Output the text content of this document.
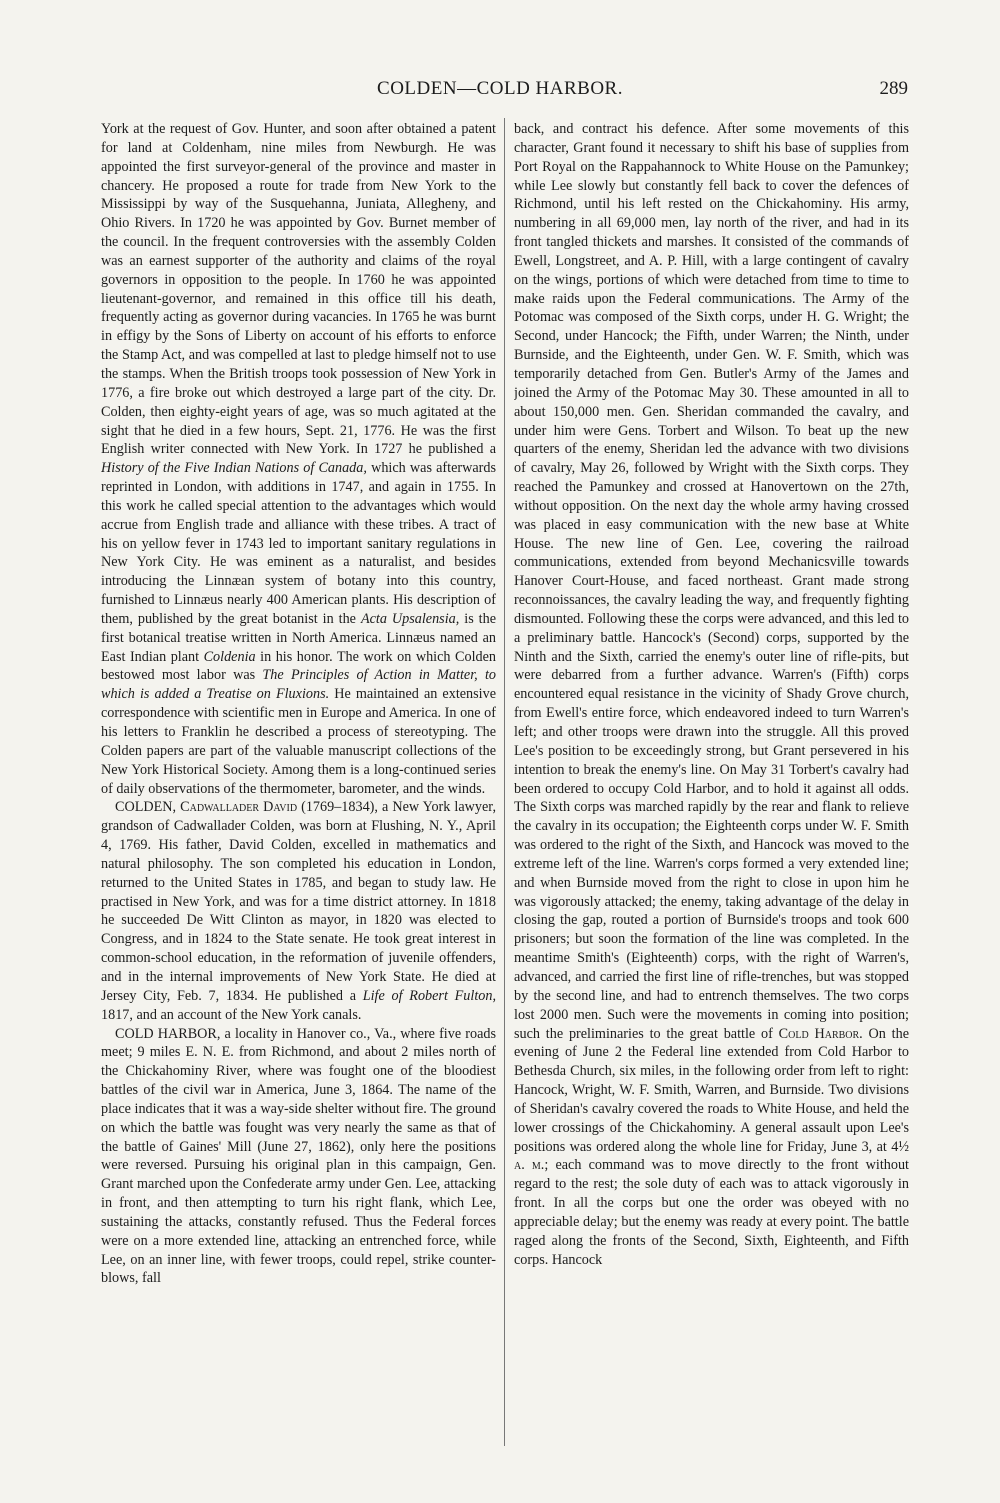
COLDEN—COLD HARBOR.	289

York at the request of Gov. Hunter, and soon after obtained a patent for land at Coldenham, nine miles from Newburgh. He was appointed the first surveyor-general of the province and master in chancery. He proposed a route for trade from New York to the Mississippi by way of the Susquehanna, Juniata, Allegheny, and Ohio Rivers. In 1720 he was appointed by Gov. Burnet member of the council. In the frequent controversies with the assembly Colden was an earnest supporter of the authority and claims of the royal governors in opposition to the people. In 1760 he was appointed lieutenant-governor, and remained in this office till his death, frequently acting as governor during vacancies. In 1765 he was burnt in effigy by the Sons of Liberty on account of his efforts to enforce the Stamp Act, and was compelled at last to pledge himself not to use the stamps. When the British troops took possession of New York in 1776, a fire broke out which destroyed a large part of the city. Dr. Colden, then eighty-eight years of age, was so much agitated at the sight that he died in a few hours, Sept. 21, 1776. He was the first English writer connected with New York. In 1727 he published a History of the Five Indian Nations of Canada, which was afterwards reprinted in London, with additions in 1747, and again in 1755. In this work he called special attention to the advantages which would accrue from English trade and alliance with these tribes. A tract of his on yellow fever in 1743 led to important sanitary regulations in New York City. He was eminent as a naturalist, and besides introducing the Linnæan system of botany into this country, furnished to Linnæus nearly 400 American plants. His description of them, published by the great botanist in the Acta Upsalensia, is the first botanical treatise written in North America. Linnæus named an East Indian plant Coldenia in his honor. The work on which Colden bestowed most labor was The Principles of Action in Matter, to which is added a Treatise on Fluxions. He maintained an extensive correspondence with scientific men in Europe and America. In one of his letters to Franklin he described a process of stereotyping. The Colden papers are part of the valuable manuscript collections of the New York Historical Society. Among them is a long-continued series of daily observations of the thermometer, barometer, and the winds.

COLDEN, Cadwallader David (1769–1834), a New York lawyer, grandson of Cadwallader Colden, was born at Flushing, N. Y., April 4, 1769. His father, David Colden, excelled in mathematics and natural philosophy. The son completed his education in London, returned to the United States in 1785, and began to study law. He practised in New York, and was for a time district attorney. In 1818 he succeeded De Witt Clinton as mayor, in 1820 was elected to Congress, and in 1824 to the State senate. He took great interest in common-school education, in the reformation of juvenile offenders, and in the internal improvements of New York State. He died at Jersey City, Feb. 7, 1834. He published a Life of Robert Fulton, 1817, and an account of the New York canals.

COLD HARBOR, a locality in Hanover co., Va., where five roads meet; 9 miles E. N. E. from Richmond, and about 2 miles north of the Chickahominy River, where was fought one of the bloodiest battles of the civil war in America, June 3, 1864. The name of the place indicates that it was a way-side shelter without fire. The ground on which the battle was fought was very nearly the same as that of the battle of Gaines' Mill (June 27, 1862), only here the positions were reversed. Pursuing his original plan in this campaign, Gen. Grant marched upon the Confederate army under Gen. Lee, attacking in front, and then attempting to turn his right flank, which Lee, sustaining the attacks, constantly refused. Thus the Federal forces were on a more extended line, attacking an entrenched force, while Lee, on an inner line, with fewer troops, could repel, strike counter-blows, fall

back, and contract his defence. After some movements of this character, Grant found it necessary to shift his base of supplies from Port Royal on the Rappahannock to White House on the Pamunkey; while Lee slowly but constantly fell back to cover the defences of Richmond, until his left rested on the Chickahominy. His army, numbering in all 69,000 men, lay north of the river, and had in its front tangled thickets and marshes. It consisted of the commands of Ewell, Longstreet, and A. P. Hill, with a large contingent of cavalry on the wings, portions of which were detached from time to time to make raids upon the Federal communications. The Army of the Potomac was composed of the Sixth corps, under H. G. Wright; the Second, under Hancock; the Fifth, under Warren; the Ninth, under Burnside, and the Eighteenth, under Gen. W. F. Smith, which was temporarily detached from Gen. Butler's Army of the James and joined the Army of the Potomac May 30. These amounted in all to about 150,000 men. Gen. Sheridan commanded the cavalry, and under him were Gens. Torbert and Wilson. To beat up the new quarters of the enemy, Sheridan led the advance with two divisions of cavalry, May 26, followed by Wright with the Sixth corps. They reached the Pamunkey and crossed at Hanovertown on the 27th, without opposition. On the next day the whole army having crossed was placed in easy communication with the new base at White House. The new line of Gen. Lee, covering the railroad communications, extended from beyond Mechanicsville towards Hanover Court-House, and faced northeast. Grant made strong reconnoissances, the cavalry leading the way, and frequently fighting dismounted. Following these the corps were advanced, and this led to a preliminary battle. Hancock's (Second) corps, supported by the Ninth and the Sixth, carried the enemy's outer line of rifle-pits, but were debarred from a further advance. Warren's (Fifth) corps encountered equal resistance in the vicinity of Shady Grove church, from Ewell's entire force, which endeavored indeed to turn Warren's left; and other troops were drawn into the struggle. All this proved Lee's position to be exceedingly strong, but Grant persevered in his intention to break the enemy's line. On May 31 Torbert's cavalry had been ordered to occupy Cold Harbor, and to hold it against all odds. The Sixth corps was marched rapidly by the rear and flank to relieve the cavalry in its occupation; the Eighteenth corps under W. F. Smith was ordered to the right of the Sixth, and Hancock was moved to the extreme left of the line. Warren's corps formed a very extended line; and when Burnside moved from the right to close in upon him he was vigorously attacked; the enemy, taking advantage of the delay in closing the gap, routed a portion of Burnside's troops and took 600 prisoners; but soon the formation of the line was completed. In the meantime Smith's (Eighteenth) corps, with the right of Warren's, advanced, and carried the first line of rifle-trenches, but was stopped by the second line, and had to entrench themselves. The two corps lost 2000 men. Such were the movements in coming into position; such the preliminaries to the great battle of Cold Harbor. On the evening of June 2 the Federal line extended from Cold Harbor to Bethesda Church, six miles, in the following order from left to right: Hancock, Wright, W. F. Smith, Warren, and Burnside. Two divisions of Sheridan's cavalry covered the roads to White House, and held the lower crossings of the Chickahominy. A general assault upon Lee's positions was ordered along the whole line for Friday, June 3, at 4½ a. m.; each command was to move directly to the front without regard to the rest; the sole duty of each was to attack vigorously in front. In all the corps but one the order was obeyed with no appreciable delay; but the enemy was ready at every point. The battle raged along the fronts of the Second, Sixth, Eighteenth, and Fifth corps. Hancock
